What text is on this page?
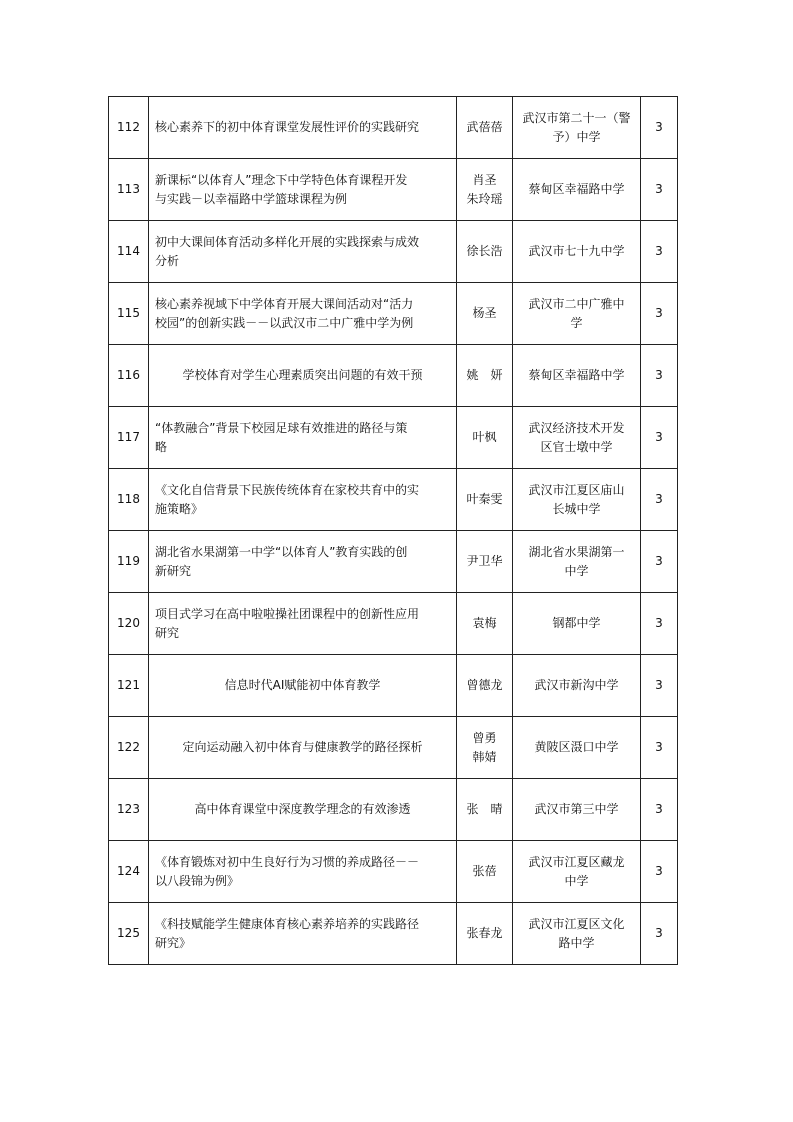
112	核心素养下的初中体育课堂发展性评价的实践研究	武蓓蓓	武汉市第二十一（警
予）中学	3
113	新课标“以体育人”理念下中学特色体育课程开发
与实践－以幸福路中学篮球课程为例	肖圣
朱玲瑶	蔡甸区幸福路中学	3
114	初中大课间体育活动多样化开展的实践探索与成效
分析	徐长浩	武汉市七十九中学	3
115	核心素养视域下中学体育开展大课间活动对“活力
校园”的创新实践－－以武汉市二中广雅中学为例	杨圣	武汉市二中广雅中
学	3
116	学校体育对学生心理素质突出问题的有效干预	姚　妍	蔡甸区幸福路中学	3
117	“体教融合”背景下校园足球有效推进的路径与策
略	叶枫	武汉经济技术开发
区官士墩中学	3
118	《文化自信背景下民族传统体育在家校共育中的实
施策略》	叶秦雯	武汉市江夏区庙山
长城中学	3
119	湖北省水果湖第一中学“以体育人”教育实践的创
新研究	尹卫华	湖北省水果湖第一
中学	3
120	项目式学习在高中啦啦操社团课程中的创新性应用
研究	袁梅	钢都中学	3
121	信息时代AI赋能初中体育教学	曾德龙	武汉市新沟中学	3
122	定向运动融入初中体育与健康教学的路径探析	曾勇
韩婧	黄陂区滠口中学	3
123	高中体育课堂中深度教学理念的有效渗透	张　晴	武汉市第三中学	3
124	《体育锻炼对初中生良好行为习惯的养成路径－－
以八段锦为例》	张蓓	武汉市江夏区藏龙
中学	3
125	《科技赋能学生健康体育核心素养培养的实践路径
研究》	张春龙	武汉市江夏区文化
路中学	3
